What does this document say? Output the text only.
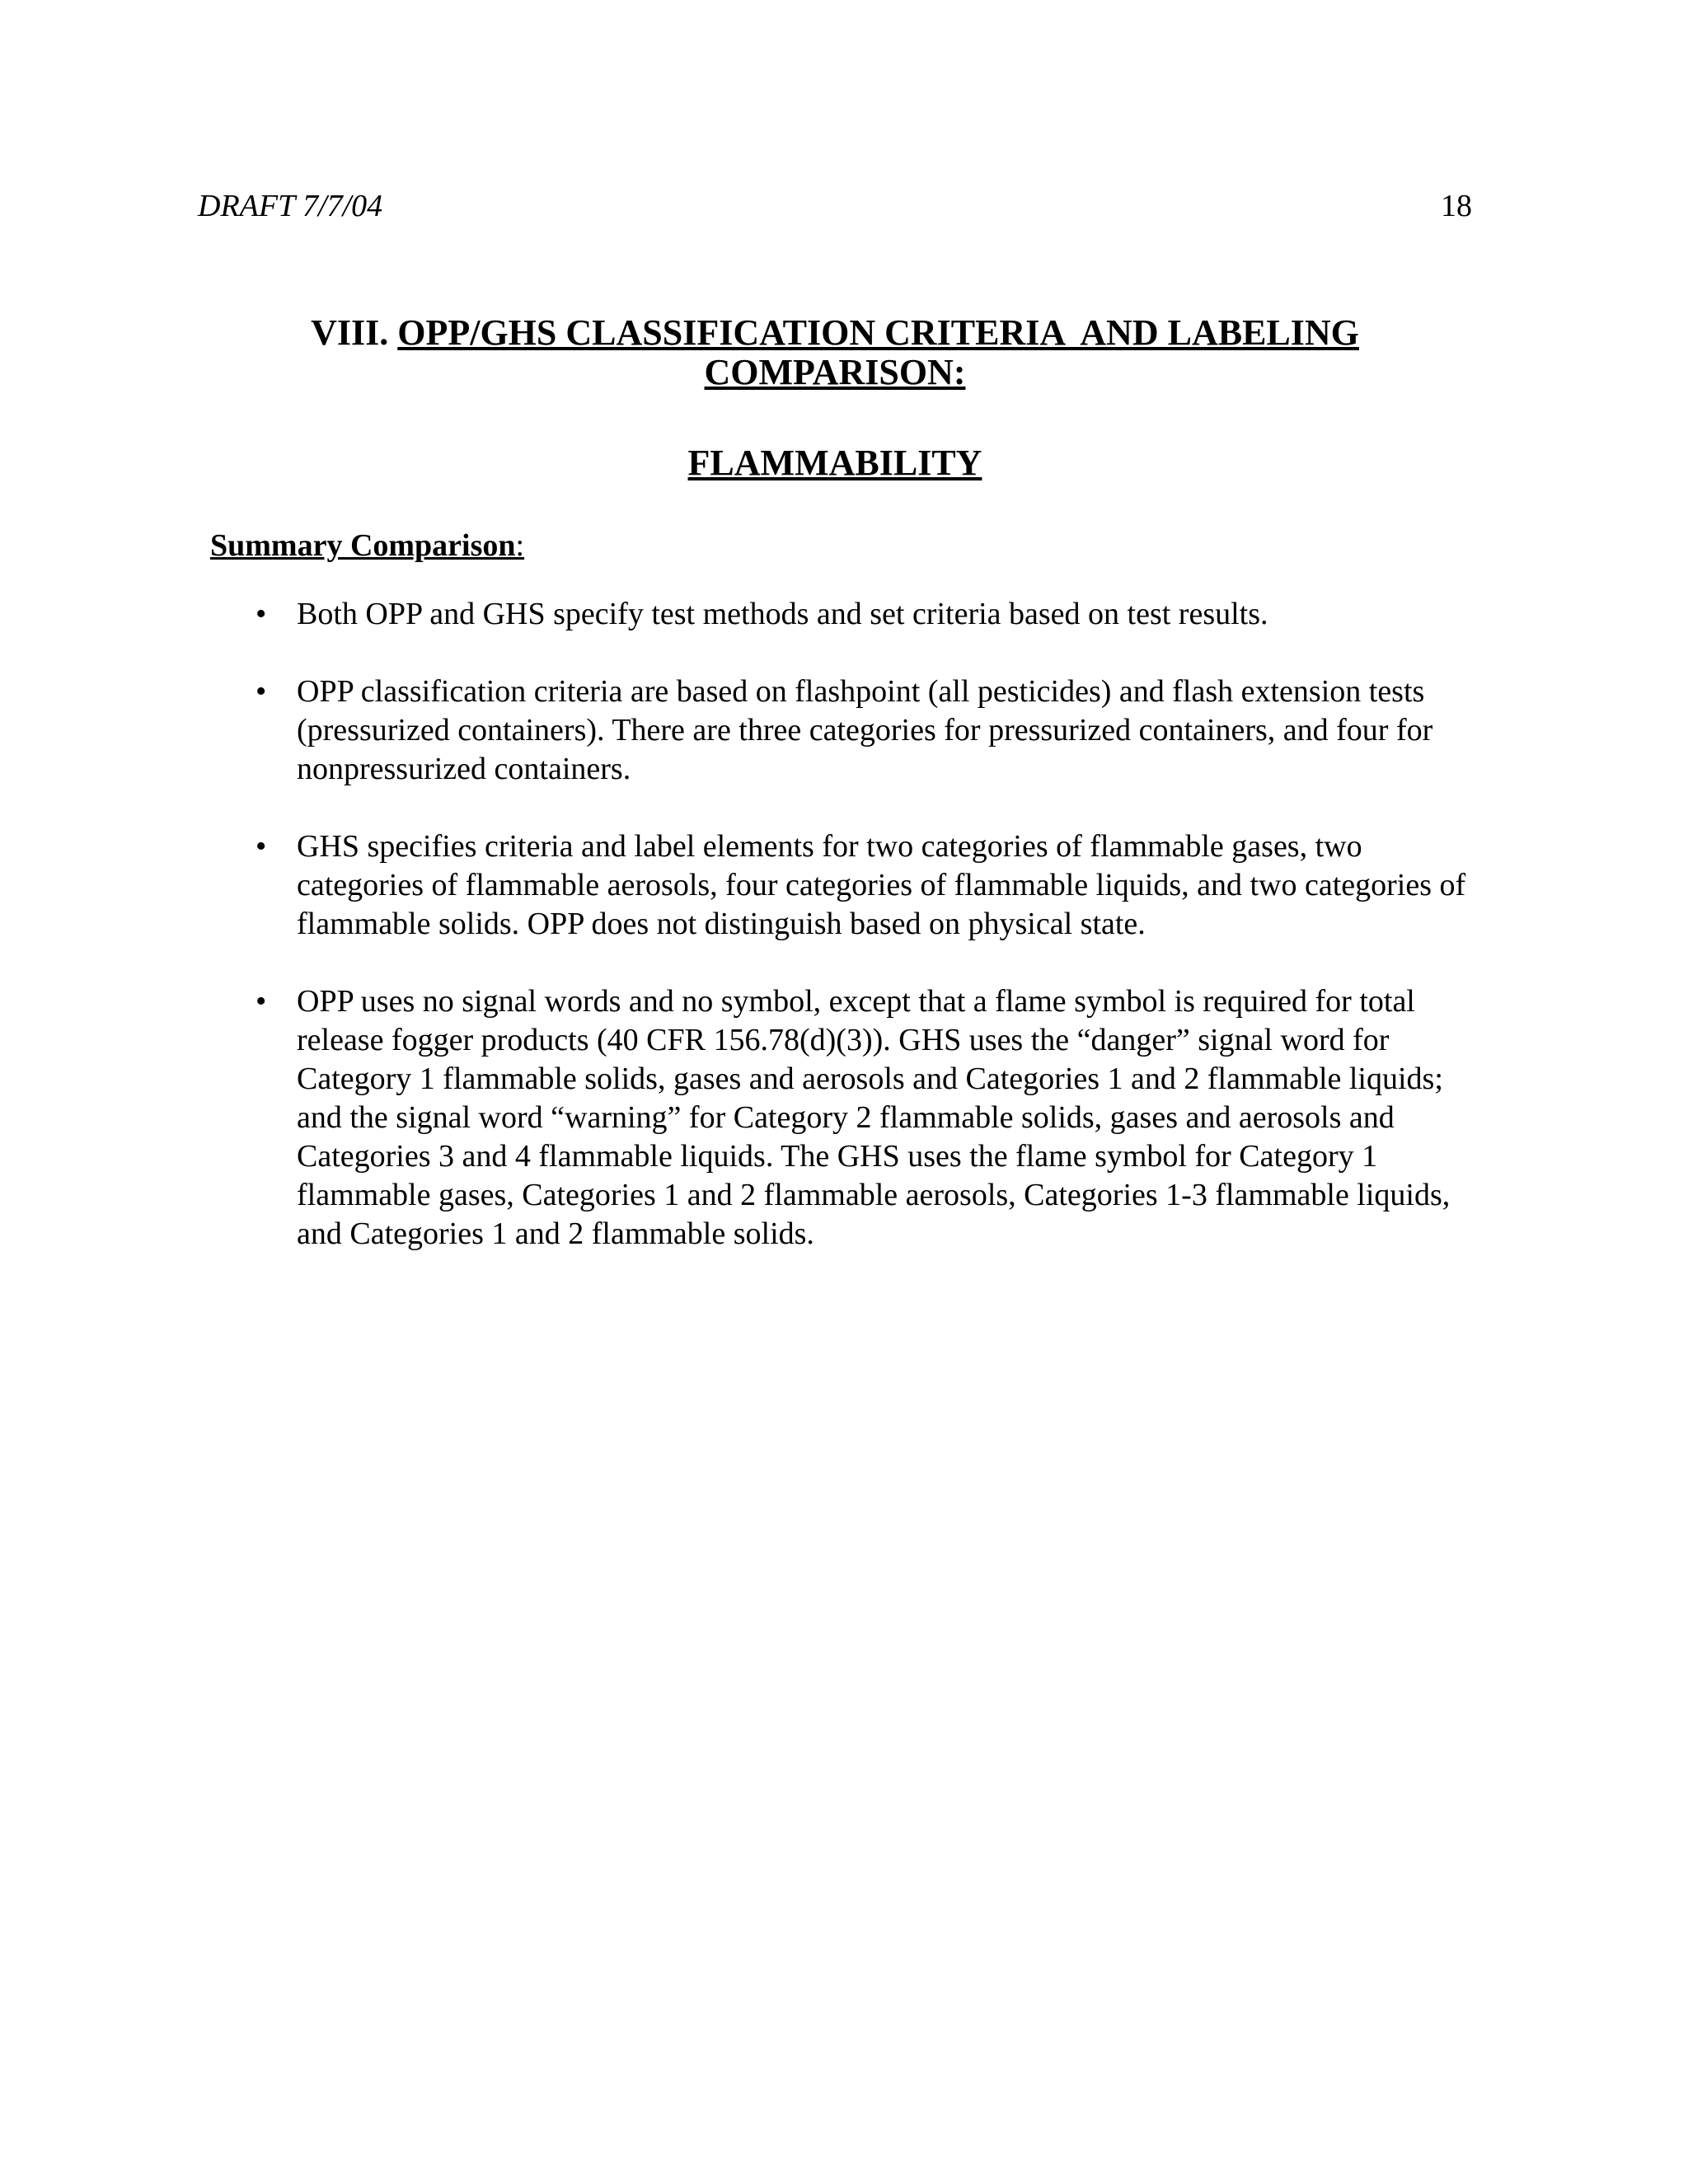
DRAFT 7/7/04	18
VIII. OPP/GHS CLASSIFICATION CRITERIA  AND LABELING
COMPARISON:
FLAMMABILITY
Summary Comparison:
• Both OPP and GHS specify test methods and set criteria based on test results.
• OPP classification criteria are based on flashpoint (all pesticides) and flash extension tests (pressurized containers). There are three categories for pressurized containers, and four for nonpressurized containers.
• GHS specifies criteria and label elements for two categories of flammable gases, two categories of flammable aerosols, four categories of flammable liquids, and two categories of flammable solids. OPP does not distinguish based on physical state.
• OPP uses no signal words and no symbol, except that a flame symbol is required for total release fogger products (40 CFR 156.78(d)(3)). GHS uses the “danger” signal word for Category 1 flammable solids, gases and aerosols and Categories 1 and 2 flammable liquids; and the signal word “warning” for Category 2 flammable solids, gases and aerosols and Categories 3 and 4 flammable liquids. The GHS uses the flame symbol for Category 1 flammable gases, Categories 1 and 2 flammable aerosols, Categories 1-3 flammable liquids, and Categories 1 and 2 flammable solids.
